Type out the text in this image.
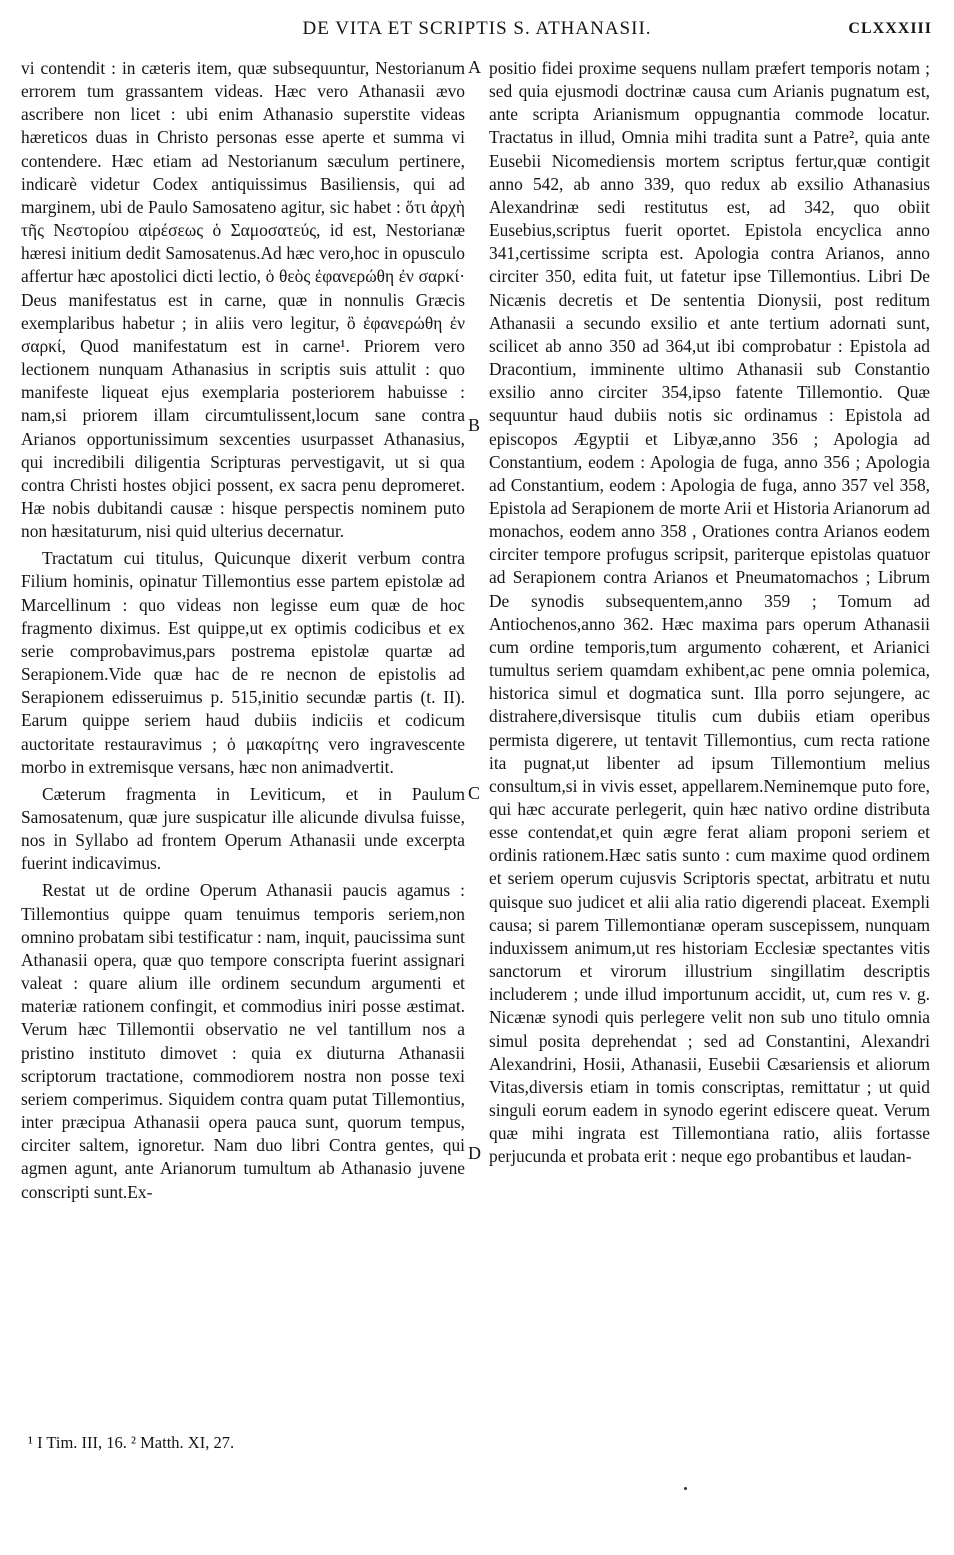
DE VITA ET SCRIPTIS S. ATHANASII.	CLXXXIII

vi contendit : in cæteris item, quæ subsequuntur, Nestorianum errorem tum grassantem videas. Hæc vero Athanasii ævo ascribere non licet : ubi enim Athanasio superstite videas hæreticos duas in Christo personas esse aperte et summa vi contendere. Hæc etiam ad Nestorianum sæculum pertinere, indicarè videtur Codex antiquissimus Basiliensis, qui ad marginem, ubi de Paulo Samosateno agitur, sic habet : ὅτι ἀρχὴ τῆς Νεστορίου αἱρέσεως ὁ Σαμοσατεύς, id est, Nestorianæ hæresi initium dedit Samosatenus.Ad hæc vero,hoc in opusculo affertur hæc apostolici dicti lectio, ὁ θεὸς ἐφανερώθη ἐν σαρκί· Deus manifestatus est in carne, quæ in nonnulis Græcis exemplaribus habetur ; in aliis vero legitur, ὃ ἐφανερώθη ἐν σαρκί, Quod manifestatum est in carne¹. Priorem vero lectionem nunquam Athanasius in scriptis suis attulit : quo manifeste liqueat ejus exemplaria posteriorem habuisse : nam,si priorem illam circumtulissent,locum sane contra Arianos opportunissimum sexcenties usurpasset Athanasius, qui incredibili diligentia Scripturas pervestigavit, ut si qua contra Christi hostes objici possent, ex sacra penu depromeret. Hæ nobis dubitandi causæ : hisque perspectis nominem puto non hæsitaturum, nisi quid ulterius decernatur.

Tractatum cui titulus, Quicunque dixerit verbum contra Filium hominis, opinatur Tillemontius esse partem epistolæ ad Marcellinum : quo videas non legisse eum quæ de hoc fragmento diximus. Est quippe,ut ex optimis codicibus et ex serie comprobavimus,pars postrema epistolæ quartæ ad Serapionem.Vide quæ hac de re necnon de epistolis ad Serapionem edisseruimus p. 515,initio secundæ partis (t. II). Earum quippe seriem haud dubiis indiciis et codicum auctoritate restauravimus ; ὁ μακαρίτης vero ingravescente morbo in extremisque versans, hæc non animadvertit.

Cæterum fragmenta in Leviticum, et in Paulum Samosatenum, quæ jure suspicatur ille alicunde divulsa fuisse, nos in Syllabo ad frontem Operum Athanasii unde excerpta fuerint indicavimus.

Restat ut de ordine Operum Athanasii paucis agamus : Tillemontius quippe quam tenuimus temporis seriem,non omnino probatam sibi testificatur : nam, inquit, paucissima sunt Athanasii opera, quæ quo tempore conscripta fuerint assignari valeat : quare alium ille ordinem secundum argumenti et materiæ rationem confingit, et commodius iniri posse æstimat. Verum hæc Tillemontii observatio ne vel tantillum nos a pristino instituto dimovet : quia ex diuturna Athanasii scriptorum tractatione, commodiorem nostra non posse texi seriem comperimus. Siquidem contra quam putat Tillemontius, inter præcipua Athanasii opera pauca sunt, quorum tempus, circiter saltem, ignoretur. Nam duo libri Contra gentes, qui agmen agunt, ante Arianorum tumultum ab Athanasio juvene conscripti sunt.Ex-

A
B
C
D

positio fidei proxime sequens nullam præfert temporis notam ; sed quia ejusmodi doctrinæ causa cum Arianis pugnatum est, ante scripta Arianismum oppugnantia commode locatur. Tractatus in illud, Omnia mihi tradita sunt a Patre², quia ante Eusebii Nicomediensis mortem scriptus fertur,quæ contigit anno 542, ab anno 339, quo redux ab exsilio Athanasius Alexandrinæ sedi restitutus est, ad 342, quo obiit Eusebius,scriptus fuerit oportet. Epistola encyclica anno 341,certissime scripta est. Apologia contra Arianos, anno circiter 350, edita fuit, ut fatetur ipse Tillemontius. Libri De Nicænis decretis et De sententia Dionysii, post reditum Athanasii a secundo exsilio et ante tertium adornati sunt, scilicet ab anno 350 ad 364,ut ibi comprobatur : Epistola ad Dracontium, imminente ultimo Athanasii sub Constantio exsilio anno circiter 354,ipso fatente Tillemontio. Quæ sequuntur haud dubiis notis sic ordinamus : Epistola ad episcopos Ægyptii et Libyæ,anno 356 ; Apologia ad Constantium, eodem : Apologia de fuga, anno 356 ; Apologia ad Constantium, eodem : Apologia de fuga, anno 357 vel 358, Epistola ad Serapionem de morte Arii et Historia Arianorum ad monachos, eodem anno 358 , Orationes contra Arianos eodem circiter tempore profugus scripsit, pariterque epistolas quatuor ad Serapionem contra Arianos et Pneumatomachos ; Librum De synodis subsequentem,anno 359 ; Tomum ad Antiochenos,anno 362. Hæc maxima pars operum Athanasii cum ordine temporis,tum argumento cohærent, et Arianici tumultus seriem quamdam exhibent,ac pene omnia polemica, historica simul et dogmatica sunt. Illa porro sejungere, ac distrahere,diversisque titulis cum dubiis etiam operibus permista digerere, ut tentavit Tillemontius, cum recta ratione ita pugnat,ut libenter ad ipsum Tillemontium melius consultum,si in vivis esset, appellarem.Neminemque puto fore, qui hæc accurate perlegerit, quin hæc nativo ordine distributa esse contendat,et quin ægre ferat aliam proponi seriem et ordinis rationem.Hæc satis sunto : cum maxime quod ordinem et seriem operum cujusvis Scriptoris spectat, arbitratu et nutu quisque suo judicet et alii alia ratio digerendi placeat. Exempli causa; si parem Tillemontianæ operam suscepissem, nunquam induxissem animum,ut res historiam Ecclesiæ spectantes vitis sanctorum et virorum illustrium singillatim descriptis includerem ; unde illud importunum accidit, ut, cum res v. g. Nicænæ synodi quis perlegere velit non sub uno titulo omnia simul posita deprehendat ; sed ad Constantini, Alexandri Alexandrini, Hosii, Athanasii, Eusebii Cæsariensis et aliorum Vitas,diversis etiam in tomis conscriptas, remittatur ; ut quid singuli eorum eadem in synodo egerint ediscere queat. Verum quæ mihi ingrata est Tillemontiana ratio, aliis fortasse perjucunda et probata erit : neque ego probantibus et laudan-

¹ I Tim. III, 16. ² Matth. XI, 27.
